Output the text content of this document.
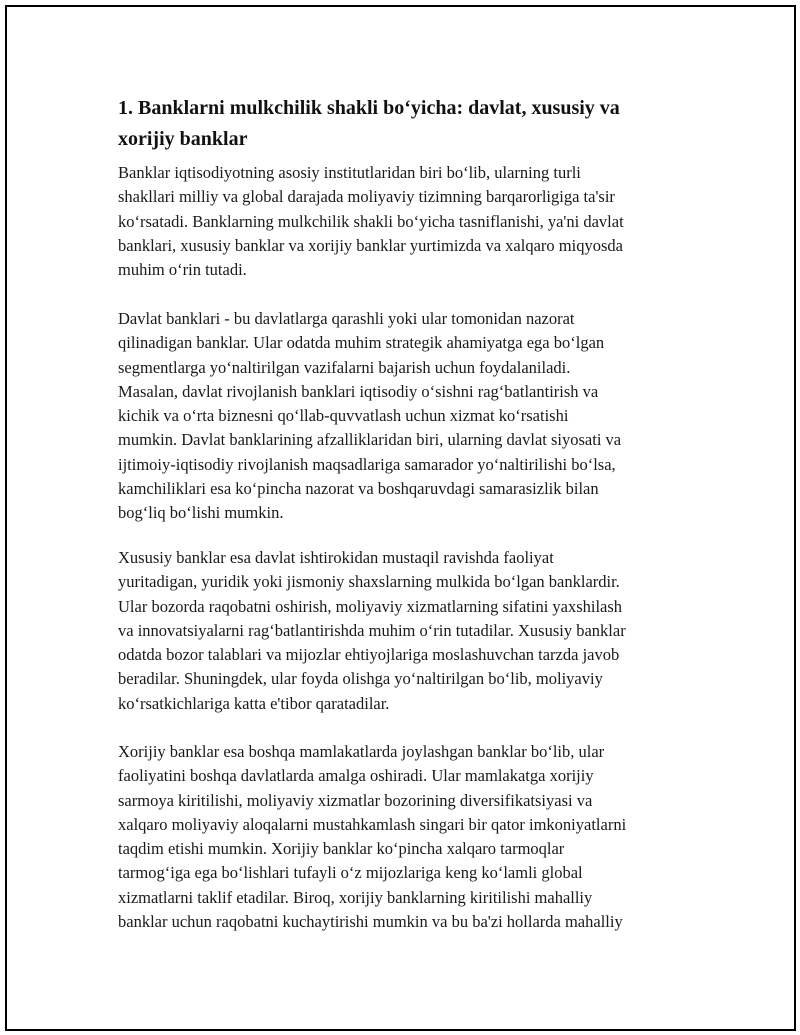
1. Banklarni mulkchilik shakli bo‘yicha: davlat, xususiy va
xorijiy banklar

Banklar iqtisodiyotning asosiy institutlaridan biri bo‘lib, ularning turli
shakllari milliy va global darajada moliyaviy tizimning barqarorligiga ta'sir
ko‘rsatadi. Banklarning mulkchilik shakli bo‘yicha tasniflanishi, ya'ni davlat
banklari, xususiy banklar va xorijiy banklar yurtimizda va xalqaro miqyosda
muhim o‘rin tutadi.

Davlat banklari - bu davlatlarga qarashli yoki ular tomonidan nazorat
qilinadigan banklar. Ular odatda muhim strategik ahamiyatga ega bo‘lgan
segmentlarga yo‘naltirilgan vazifalarni bajarish uchun foydalaniladi.
Masalan, davlat rivojlanish banklari iqtisodiy o‘sishni rag‘batlantirish va
kichik va o‘rta biznesni qo‘llab-quvvatlash uchun xizmat ko‘rsatishi
mumkin. Davlat banklarining afzalliklaridan biri, ularning davlat siyosati va
ijtimoiy-iqtisodiy rivojlanish maqsadlariga samarador yo‘naltirilishi bo‘lsa,
kamchiliklari esa ko‘pincha nazorat va boshqaruvdagi samarasizlik bilan
bog‘liq bo‘lishi mumkin.

Xususiy banklar esa davlat ishtirokidan mustaqil ravishda faoliyat
yuritadigan, yuridik yoki jismoniy shaxslarning mulkida bo‘lgan banklardir.
Ular bozorda raqobatni oshirish, moliyaviy xizmatlarning sifatini yaxshilash
va innovatsiyalarni rag‘batlantirishda muhim o‘rin tutadilar. Xususiy banklar
odatda bozor talablari va mijozlar ehtiyojlariga moslashuvchan tarzda javob
beradilar. Shuningdek, ular foyda olishga yo‘naltirilgan bo‘lib, moliyaviy
ko‘rsatkichlariga katta e'tibor qaratadilar.

Xorijiy banklar esa boshqa mamlakatlarda joylashgan banklar bo‘lib, ular
faoliyatini boshqa davlatlarda amalga oshiradi. Ular mamlakatga xorijiy
sarmoya kiritilishi, moliyaviy xizmatlar bozorining diversifikatsiyasi va
xalqaro moliyaviy aloqalarni mustahkamlash singari bir qator imkoniyatlarni
taqdim etishi mumkin. Xorijiy banklar ko‘pincha xalqaro tarmoqlar
tarmog‘iga ega bo‘lishlari tufayli o‘z mijozlariga keng ko‘lamli global
xizmatlarni taklif etadilar. Biroq, xorijiy banklarning kiritilishi mahalliy
banklar uchun raqobatni kuchaytirishi mumkin va bu ba'zi hollarda mahalliy
